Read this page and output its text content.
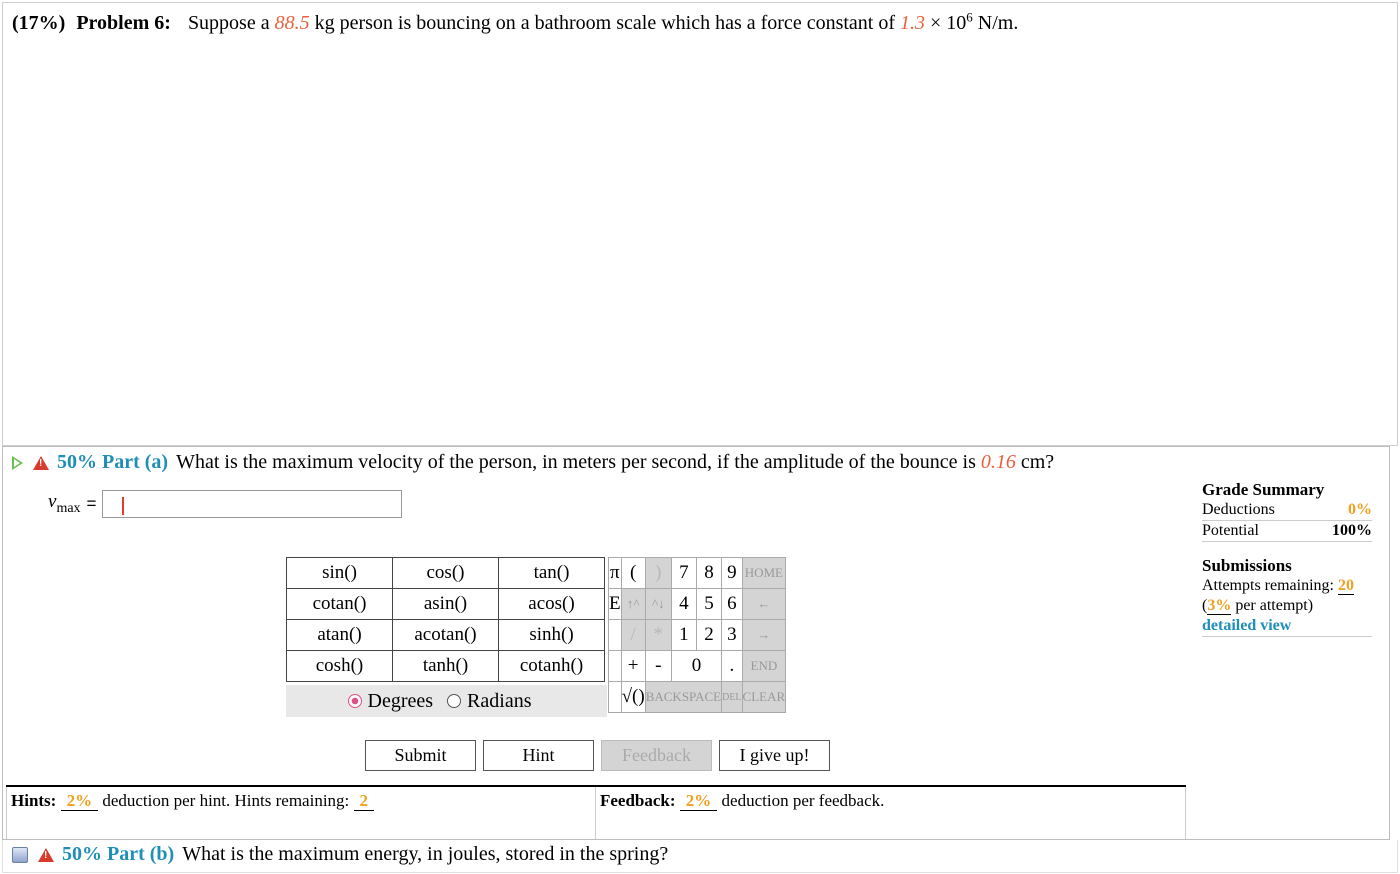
(17%) Problem 6: Suppose a 88.5 kg person is bouncing on a bathroom scale which has a force constant of $1.3 \times 10^6$ N/m.
!
50% Part (a) What is the maximum velocity of the person, in meters per second, if the amplitude of the bounce is
0.16
cm?
$v_{max}$ =
sin()	cos()	tan()
cotan()	asin()	acos()
atan()	acotan()	sinh()
cosh()	tanh()	cotanh()
Degrees Radians
π	(	)	7	8	9	HOME
E	↑^	^↓	4	5	6	←
	/	*	1	2	3	→
	+	-	0		.	END
	√()	BACKSPACE			DEL	CLEAR
Submit	Hint	Feedback	I give up!
Hints: 2% deduction per hint. Hints remaining: 2	Feedback: 2% deduction per feedback.
Grade Summary
Deductions	0%
Potential	100%
Submissions
Attempts remaining: 20
(3% per attempt)
detailed view
!
50% Part (b) What is the maximum energy, in joules, stored in the spring?
